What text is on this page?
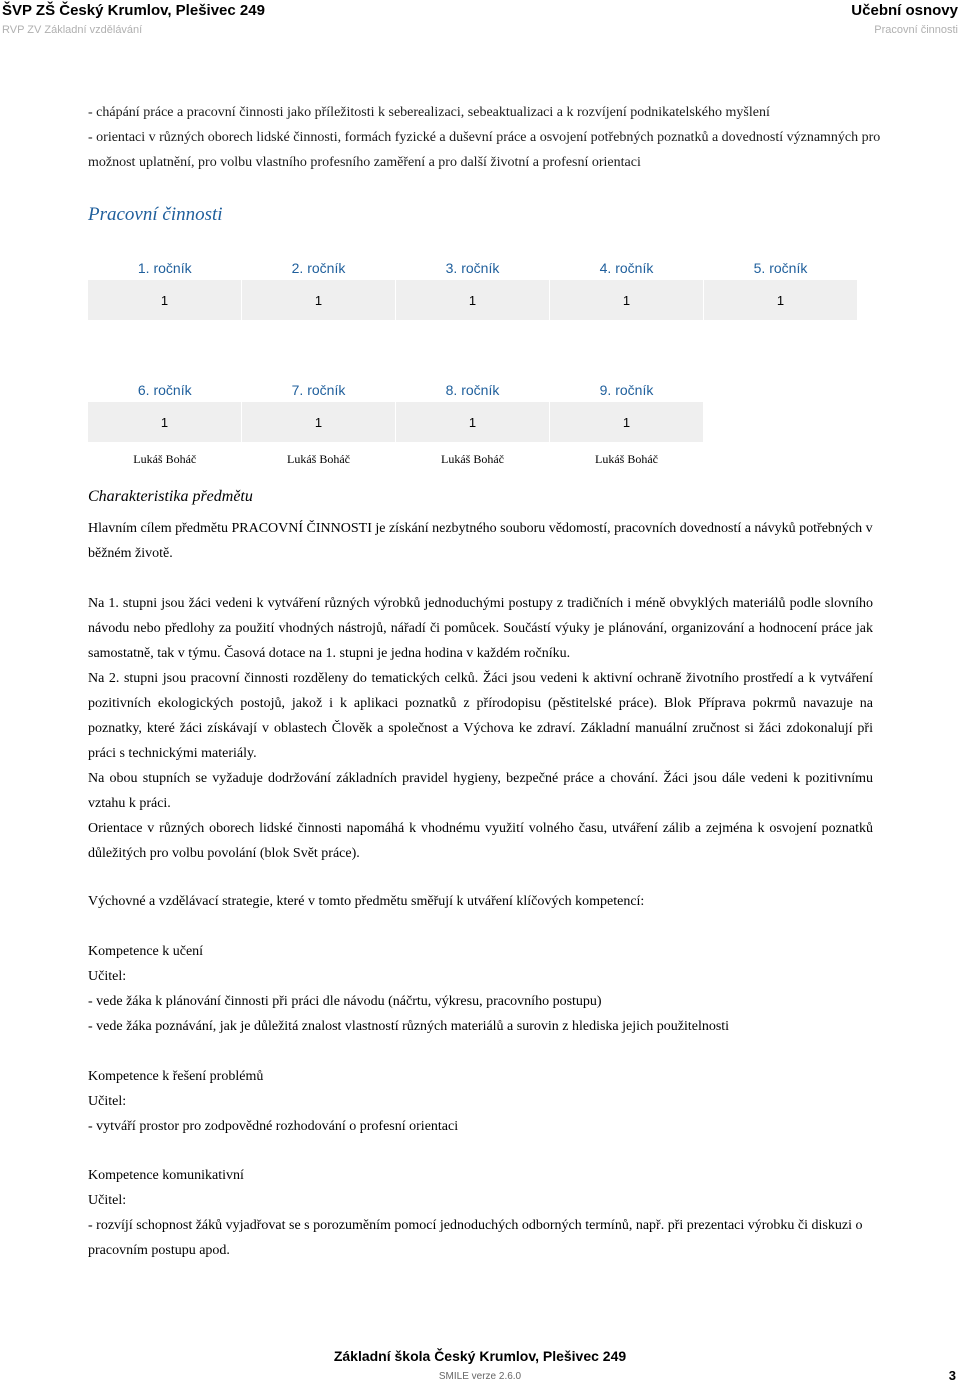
ŠVP ZŠ Český Krumlov, Plešivec 249
RVP ZV Základní vzdělávání
Učební osnovy
Pracovní činnosti

- chápání práce a pracovní činnosti jako příležitosti k seberealizaci, sebeaktualizaci a k rozvíjení podnikatelského myšlení

- orientaci v různých oborech lidské činnosti, formách fyzické a duševní práce a osvojení potřebných poznatků a dovedností významných pro možnost uplatnění, pro volbu vlastního profesního zaměření a pro další životní a profesní orientaci

Pracovní činnosti
1. ročník	2. ročník	3. ročník	4. ročník	5. ročník
1	1	1	1	1
6. ročník	7. ročník	8. ročník	9. ročník
1	1	1	1
Lukáš Boháč	Lukáš Boháč	Lukáš Boháč	Lukáš Boháč
Charakteristika předmětu

Hlavním cílem předmětu PRACOVNÍ ČINNOSTI je získání nezbytného souboru vědomostí, pracovních dovedností a návyků potřebných v běžném životě.

Na 1. stupni jsou žáci vedeni k vytváření různých výrobků jednoduchými postupy z tradičních i méně obvyklých materiálů podle slovního návodu nebo předlohy za použití vhodných nástrojů, nářadí či pomůcek. Součástí výuky je plánování, organizování a hodnocení práce jak samostatně, tak v týmu. Časová dotace na 1. stupni je jedna hodina v každém ročníku.

Na 2. stupni jsou pracovní činnosti rozděleny do tematických celků. Žáci jsou vedeni k aktivní ochraně životního prostředí a k vytváření pozitivních ekologických postojů, jakož i k aplikaci poznatků z přírodopisu (pěstitelské práce). Blok Příprava pokrmů navazuje na poznatky, které žáci získávají v oblastech Člověk a společnost a Výchova ke zdraví. Základní manuální zručnost si žáci zdokonalují při práci s technickými materiály.

Na obou stupních se vyžaduje dodržování základních pravidel hygieny, bezpečné práce a chování. Žáci jsou dále vedeni k pozitivnímu vztahu k práci.

Orientace v různých oborech lidské činnosti napomáhá k vhodnému využití volného času, utváření zálib a zejména k osvojení poznatků důležitých pro volbu povolání (blok Svět práce).

Výchovné a vzdělávací strategie, které v tomto předmětu směřují k utváření klíčových kompetencí:

Kompetence k učení

Učitel:

- vede žáka k plánování činnosti při práci dle návodu (náčrtu, výkresu, pracovního postupu)

- vede žáka poznávání, jak je důležitá znalost vlastností různých materiálů a surovin z hlediska jejich použitelnosti

Kompetence k řešení problémů

Učitel:

- vytváří prostor pro zodpovědné rozhodování o profesní orientaci

Kompetence komunikativní

Učitel:

- rozvíjí schopnost žáků vyjadřovat se s porozuměním pomocí jednoduchých odborných termínů, např. při prezentaci výrobku či diskuzi o pracovním postupu apod.

Základní škola Český Krumlov, Plešivec 249
SMILE verze 2.6.0	3
